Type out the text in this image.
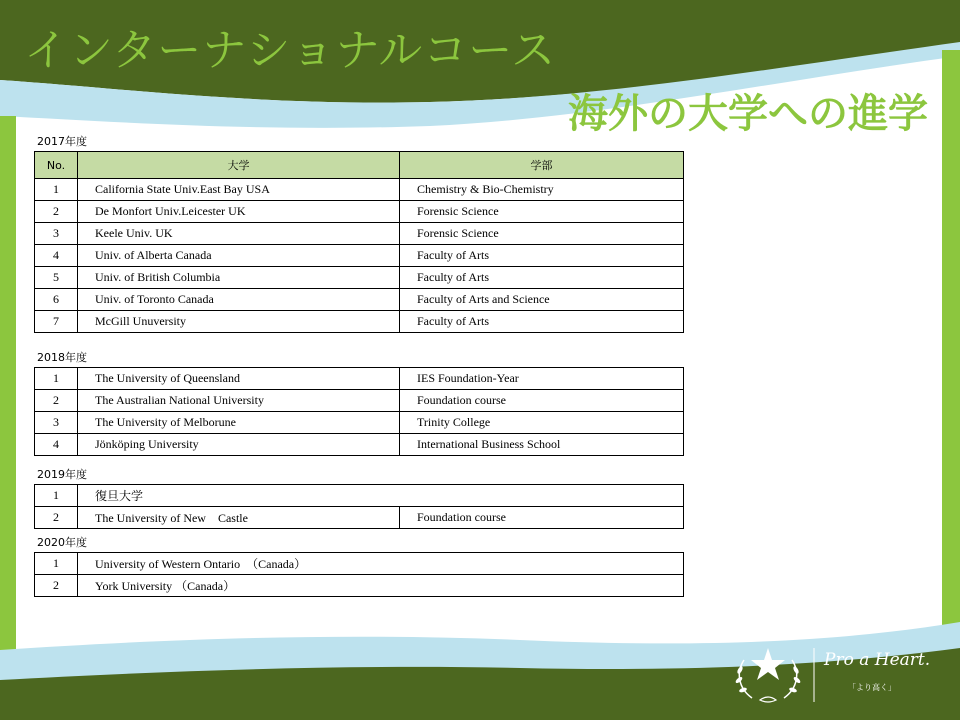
インターナショナルコース
海外の大学への進学
2017年度
No.	大学	学部
1	California State Univ.East Bay USA	Chemistry & Bio-Chemistry
2	De Monfort Univ.Leicester UK	Forensic Science
3	Keele Univ. UK	Forensic Science
4	Univ. of Alberta Canada	Faculty of Arts
5	Univ. of British Columbia	Faculty of Arts
6	Univ. of Toronto Canada	Faculty of Arts and Science
7	McGill Unuversity	Faculty of Arts
2018年度
1	The University of Queensland	IES Foundation-Year
2	The Australian National University	Foundation course
3	The University of Melborune	Trinity College
4	Jönköping University	International Business School
2019年度
1	復旦大学	
2	The University of New　Castle	Foundation course
2020年度
1	University of Western Ontario　（Canada）
2	York University （Canada）
Pro a Heart.
「より高く」
